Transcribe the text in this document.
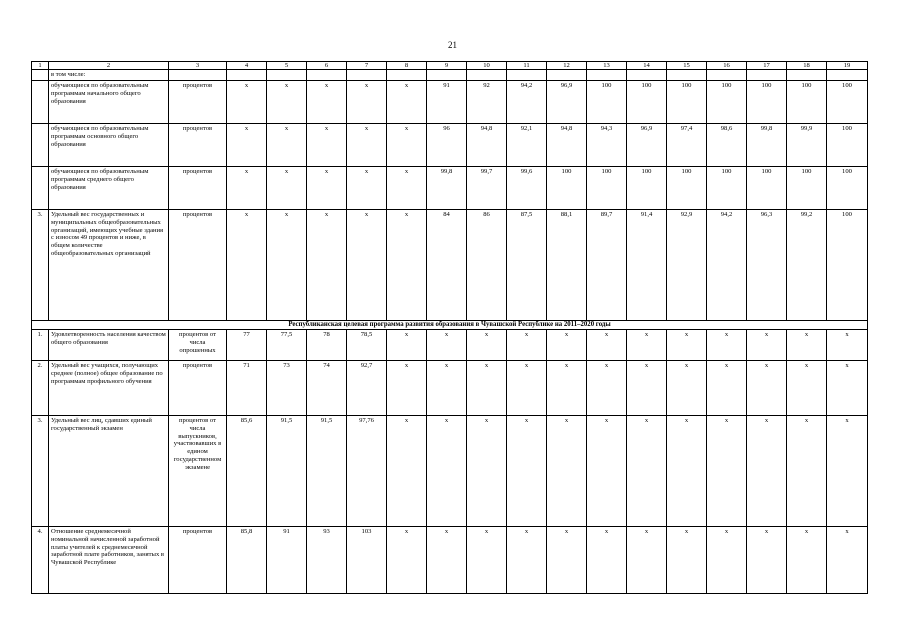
21
1	2	3	4	5	6	7	8	9	10	11	12	13	14	15	16	17	18	19
	в том числе:																	
	обучающиеся по образовательным программам начального общего образования	процентов	х	х	х	х	х	91	92	94,2	96,9	100	100	100	100	100	100	100
	обучающиеся по образовательным программам основного общего образования	процентов	х	х	х	х	х	96	94,8	92,1	94,8	94,3	96,9	97,4	98,6	99,8	99,9	100
	обучающиеся по образовательным программам среднего общего образования	процентов	х	х	х	х	х	99,8	99,7	99,6	100	100	100	100	100	100	100	100
3.	Удельный вес государственных и муниципальных общеобразовательных организаций, имеющих учебные здания с износом 49 процентов и ниже, в общем количестве общеобразовательных организаций	процентов	х	х	х	х	х	84	86	87,5	88,1	89,7	91,4	92,9	94,2	96,3	99,2	100
Республиканская целевая программа развития образования в Чувашской Республике на 2011–2020 годы																		
1.	Удовлетворенность населения качеством общего образования	процентов от числа опрошенных	77	77,5	78	78,5	х	х	х	х	х	х	х	х	х	х	х	х
2.	Удельный вес учащихся, получающих среднее (полное) общее образование по программам профильного обучения	процентов	71	73	74	92,7	х	х	х	х	х	х	х	х	х	х	х	х
3.	Удельный вес лиц, сдавших единый государственный экзамен	процентов от числа выпускников, участвовавших в едином государственном экзамене	85,6	91,5	91,5	97,76	х	х	х	х	х	х	х	х	х	х	х	х
4.	Отношение среднемесячной номинальной начисленной заработной платы учителей к среднемесячной заработной плате работников, занятых в Чувашской Республике	процентов	85,8	91	93	103	х	х	х	х	х	х	х	х	х	х	х	х
